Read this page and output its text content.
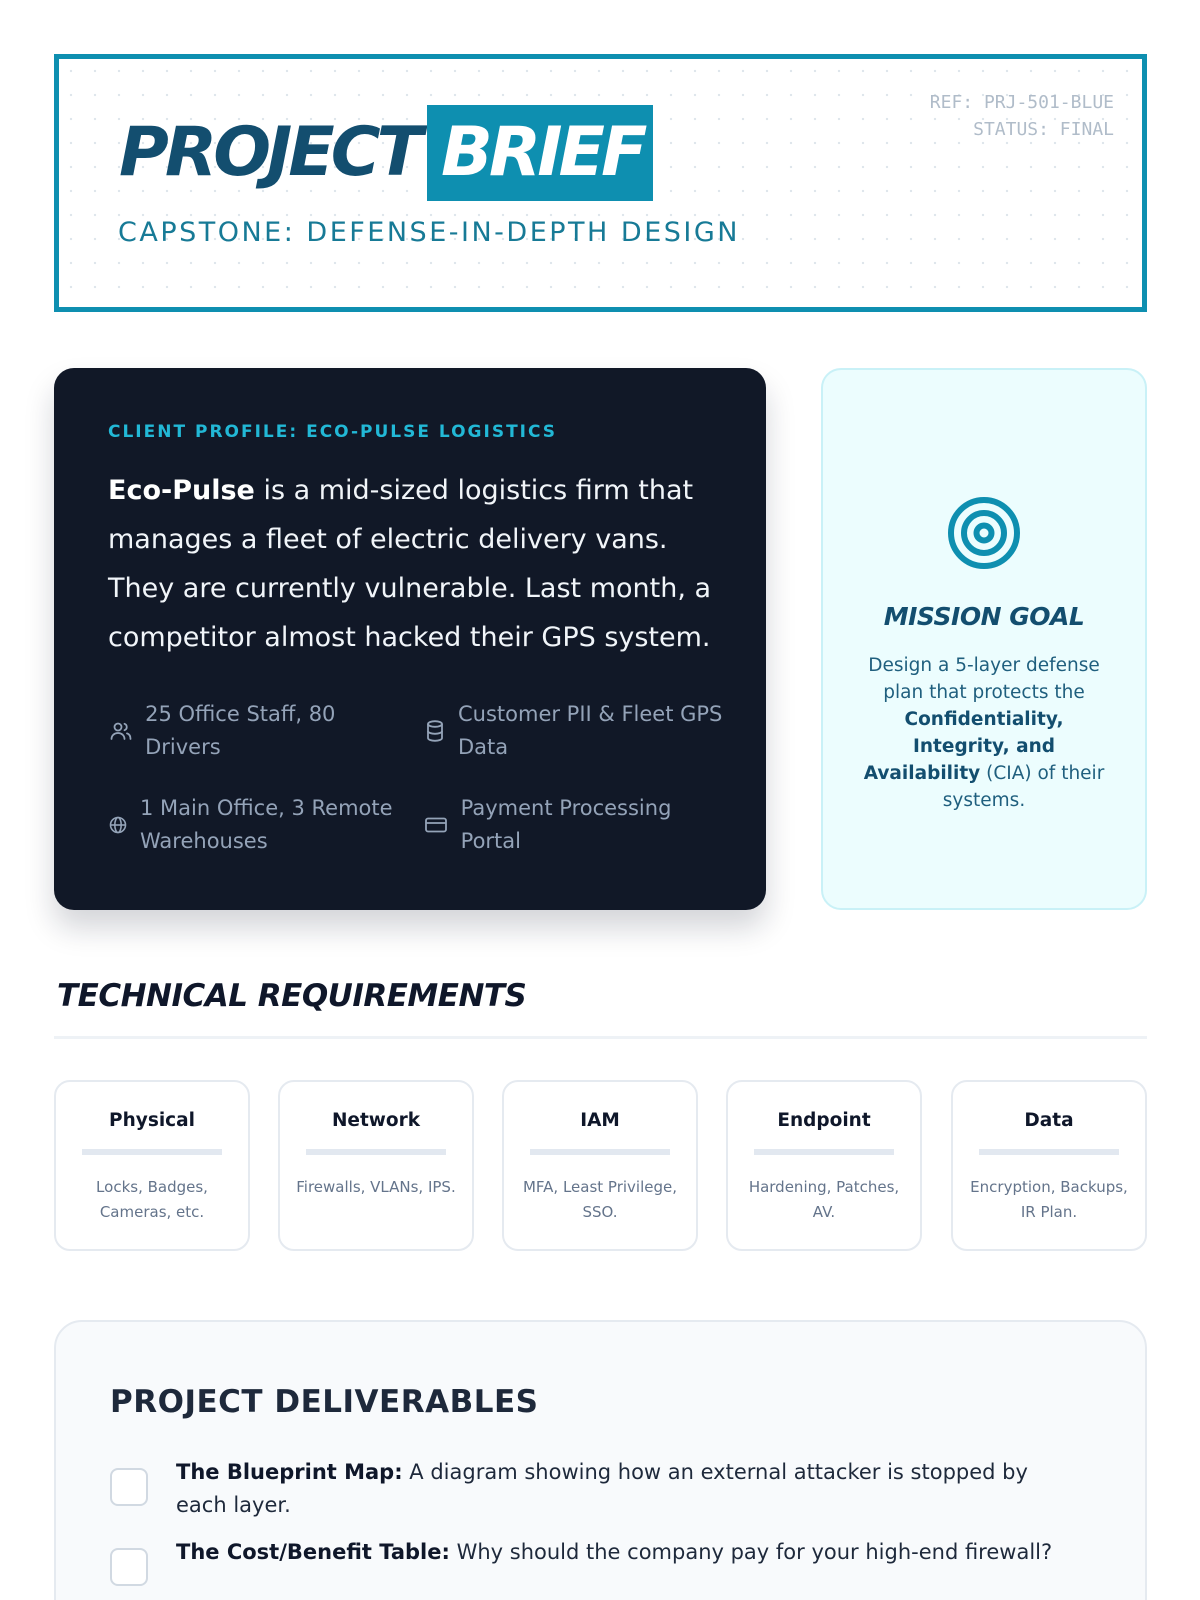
REF: PRJ-501-BLUE
STATUS: FINAL
PROJECT BRIEF
CAPSTONE: DEFENSE-IN-DEPTH DESIGN
CLIENT PROFILE: ECO-PULSE LOGISTICS

Eco-Pulse is a mid-sized logistics firm that manages a fleet of electric delivery vans. They are currently vulnerable. Last month, a competitor almost hacked their GPS system.

25 Office Staff, 80 Drivers
Customer PII & Fleet GPS Data
1 Main Office, 3 Remote Warehouses
Payment Processing Portal
MISSION GOAL

Design a 5-layer defense plan that protects the Confidentiality, Integrity, and Availability (CIA) of their systems.

TECHNICAL REQUIREMENTS
Physical
Locks, Badges, Cameras, etc.
Network
Firewalls, VLANs, IPS.
IAM
MFA, Least Privilege, SSO.
Endpoint
Hardening, Patches, AV.
Data
Encryption, Backups, IR Plan.
PROJECT DELIVERABLES
The Blueprint Map: A diagram showing how an external attacker is stopped by each layer.
The Cost/Benefit Table: Why should the company pay for your high-end firewall?
